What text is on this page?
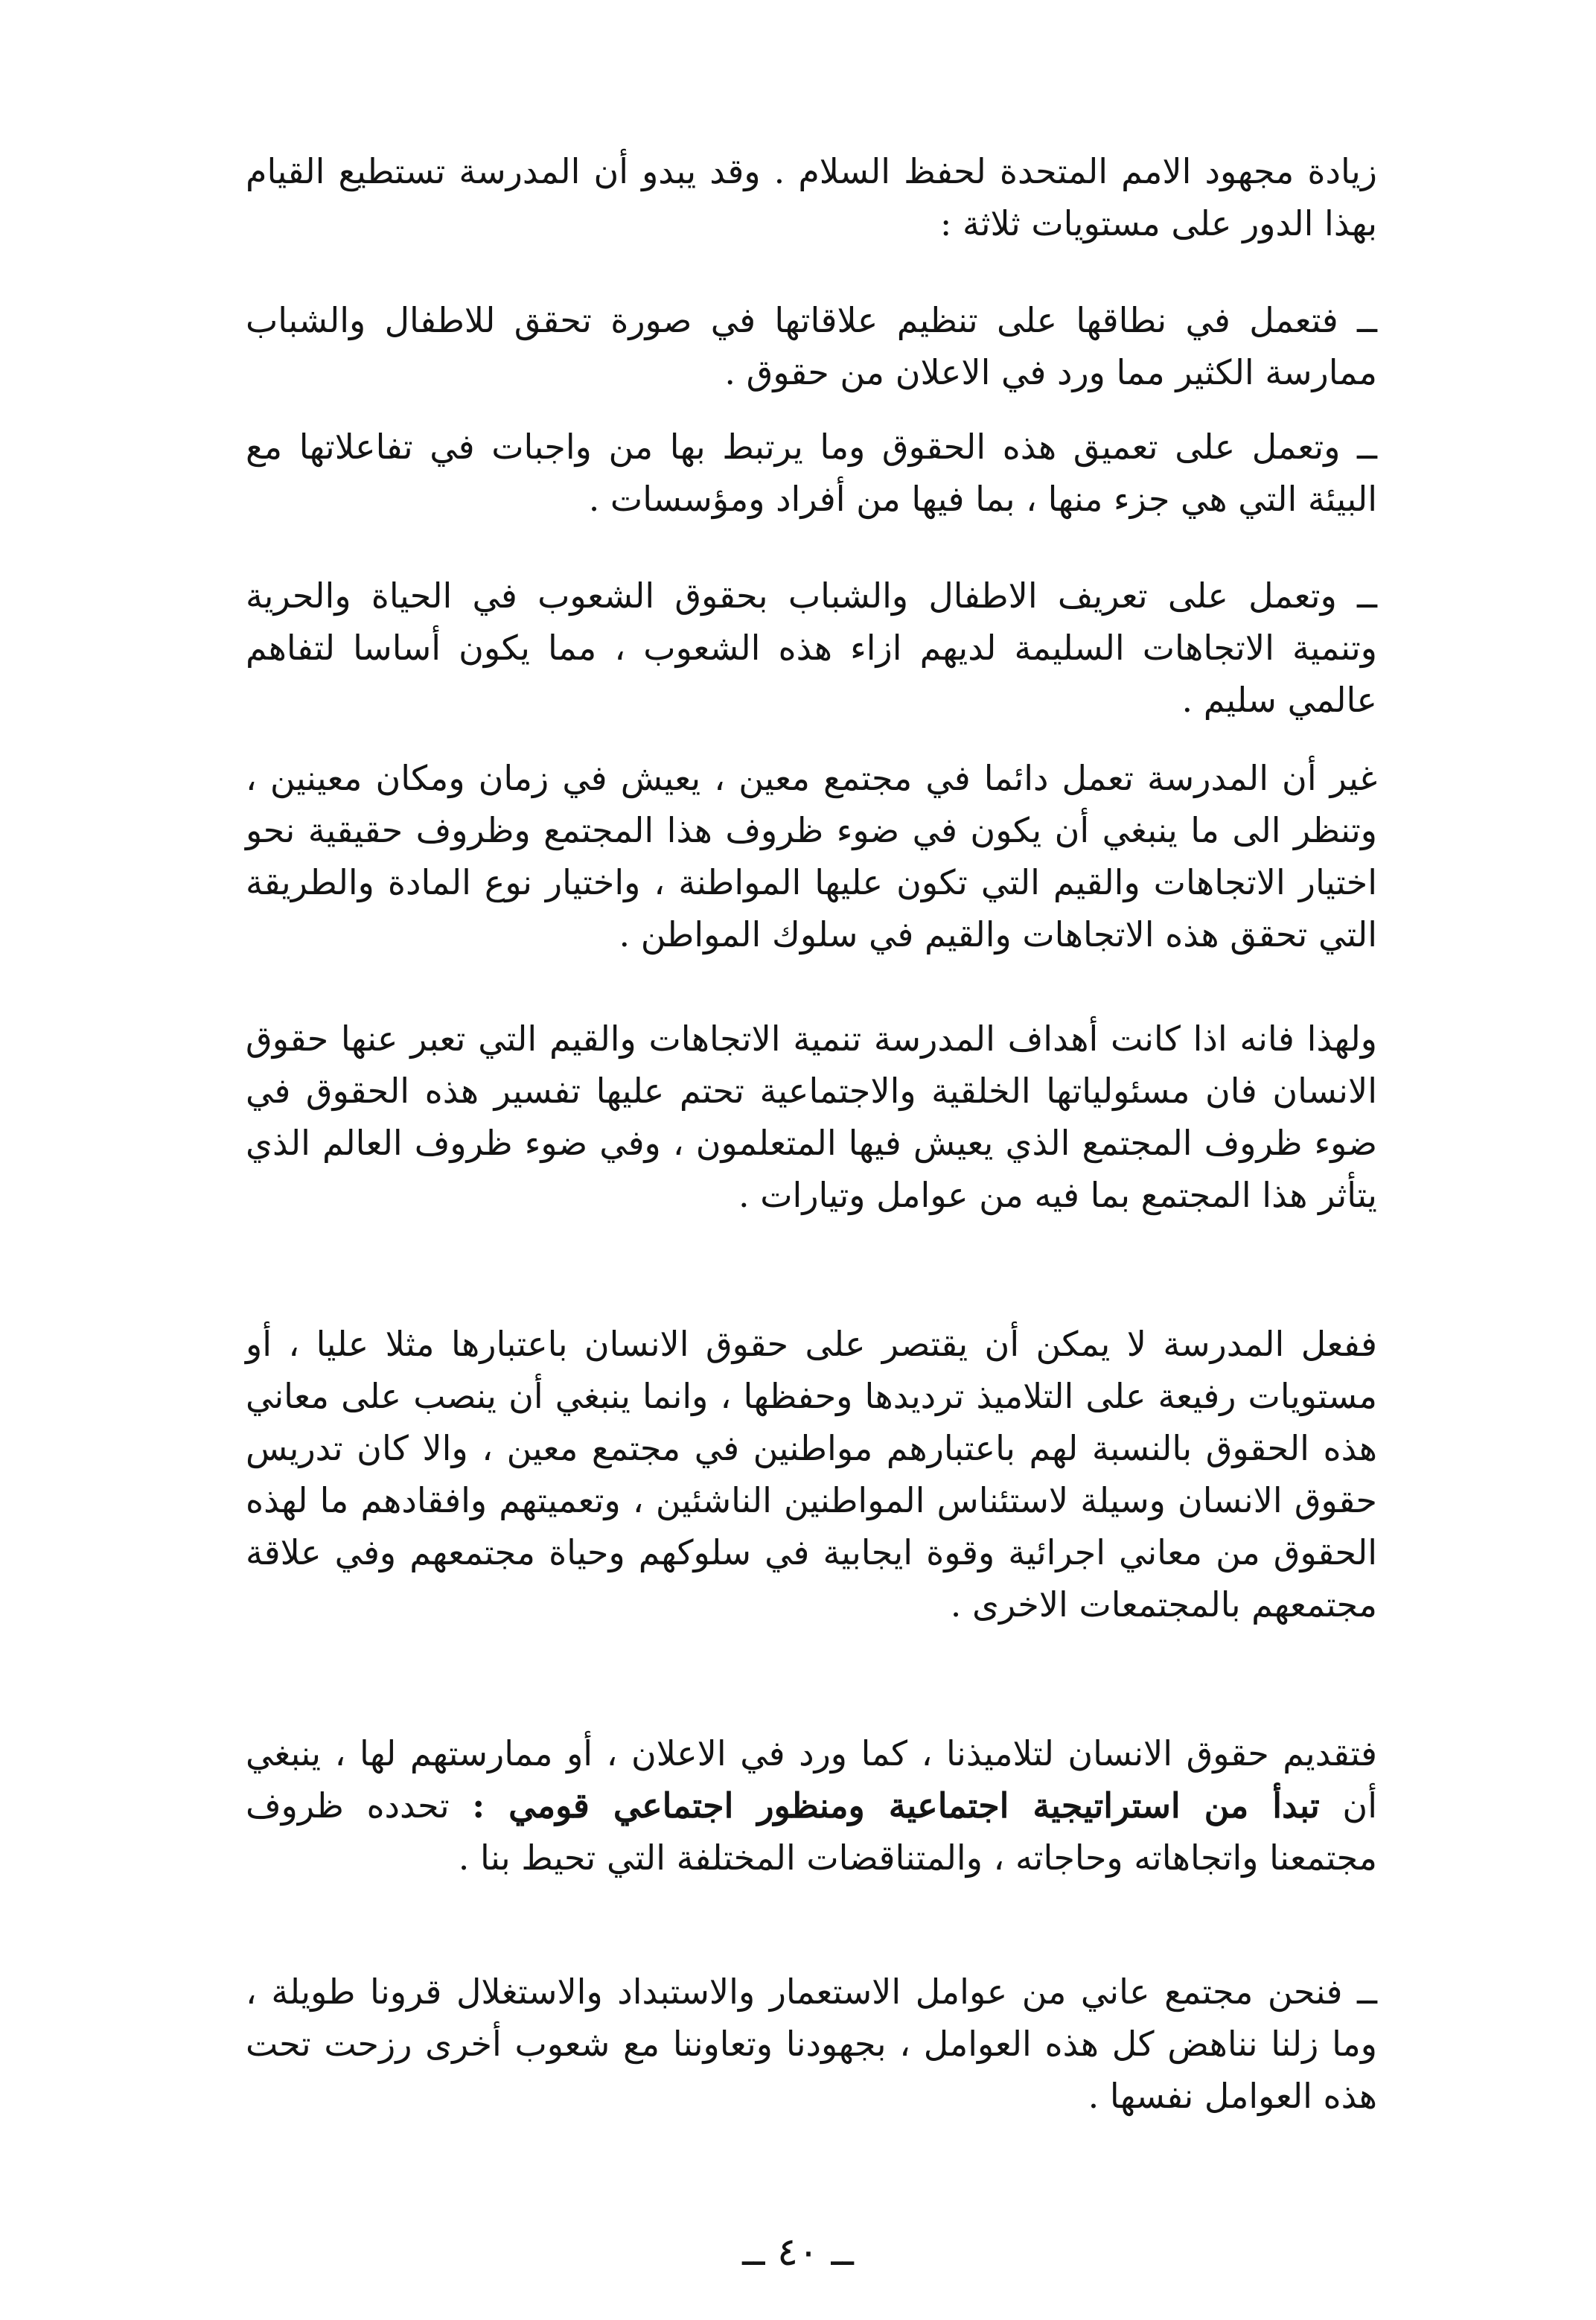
زيادة مجهود الامم المتحدة لحفظ السلام . وقد يبدو أن المدرسة تستطيع القيام بهذا الدور على مستويات ثلاثة :

ــ فتعمل في نطاقها على تنظيم علاقاتها في صورة تحقق للاطفال والشباب ممارسة الكثير مما ورد في الاعلان من حقوق .

ــ وتعمل على تعميق هذه الحقوق وما يرتبط بها من واجبات في تفاعلاتها مع البيئة التي هي جزء منها ، بما فيها من أفراد ومؤسسات .

ــ وتعمل على تعريف الاطفال والشباب بحقوق الشعوب في الحياة والحرية وتنمية الاتجاهات السليمة لديهم ازاء هذه الشعوب ، مما يكون أساسا لتفاهم عالمي سليم .

غير أن المدرسة تعمل دائما في مجتمع معين ، يعيش في زمان ومكان معينين ، وتنظر الى ما ينبغي أن يكون في ضوء ظروف هذا المجتمع وظروف حقيقية نحو اختيار الاتجاهات والقيم التي تكون عليها المواطنة ، واختيار نوع المادة والطريقة التي تحقق هذه الاتجاهات والقيم في سلوك المواطن .

ولهذا فانه اذا كانت أهداف المدرسة تنمية الاتجاهات والقيم التي تعبر عنها حقوق الانسان فان مسئولياتها الخلقية والاجتماعية تحتم عليها تفسير هذه الحقوق في ضوء ظروف المجتمع الذي يعيش فيها المتعلمون ، وفي ضوء ظروف العالم الذي يتأثر هذا المجتمع بما فيه من عوامل وتيارات .

ففعل المدرسة لا يمكن أن يقتصر على حقوق الانسان باعتبارها مثلا عليا ، أو مستويات رفيعة على التلاميذ ترديدها وحفظها ، وانما ينبغي أن ينصب على معاني هذه الحقوق بالنسبة لهم باعتبارهم مواطنين في مجتمع معين ، والا كان تدريس حقوق الانسان وسيلة لاستئناس المواطنين الناشئين ، وتعميتهم وافقادهم ما لهذه الحقوق من معاني اجرائية وقوة ايجابية في سلوكهم وحياة مجتمعهم وفي علاقة مجتمعهم بالمجتمعات الاخرى .

فتقديم حقوق الانسان لتلاميذنا ، كما ورد في الاعلان ، أو ممارستهم لها ، ينبغي أن تبدأ من استراتيجية اجتماعية ومنظور اجتماعي قومي : تحدده ظروف مجتمعنا واتجاهاته وحاجاته ، والمتناقضات المختلفة التي تحيط بنا .

ــ فنحن مجتمع عاني من عوامل الاستعمار والاستبداد والاستغلال قرونا طويلة ، وما زلنا نناهض كل هذه العوامل ، بجهودنا وتعاوننا مع شعوب أخرى رزحت تحت هذه العوامل نفسها .

ــ ٤٠ ــ
